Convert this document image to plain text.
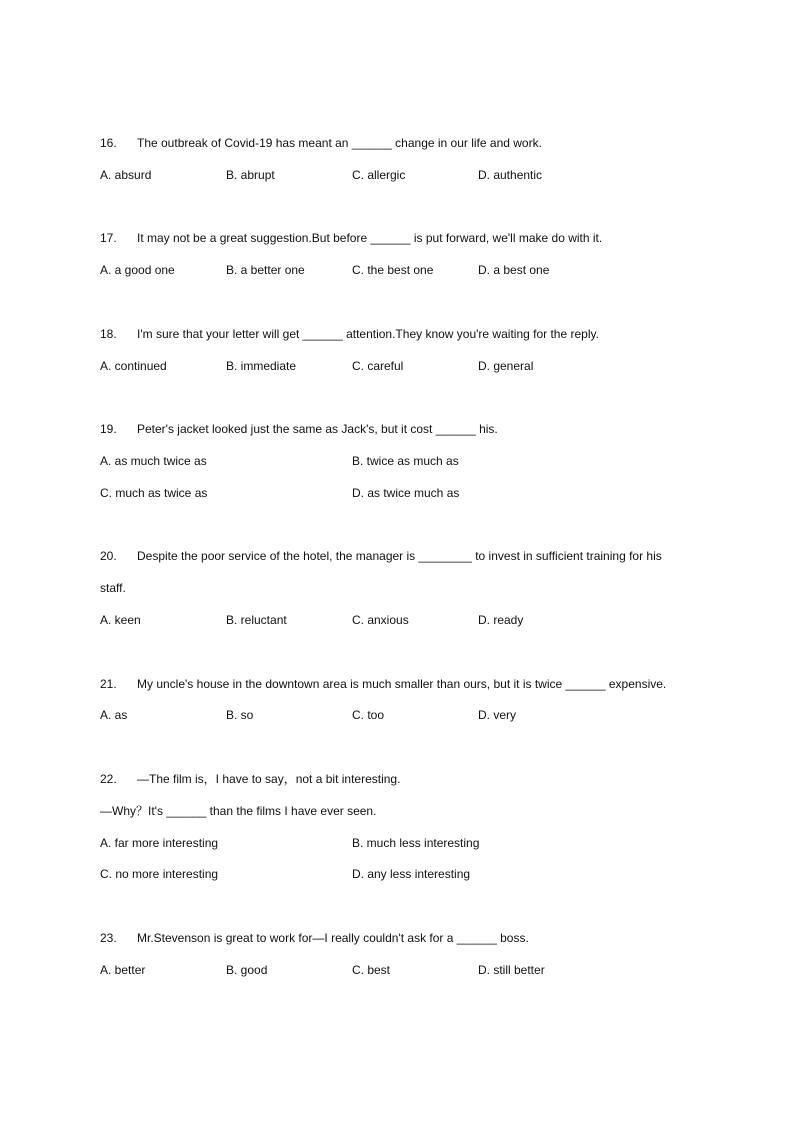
16. The outbreak of Covid-19 has meant an ______ change in our life and work.
A. absurd	B. abrupt	C. allergic	D. authentic
17. It may not be a great suggestion.But before ______ is put forward, we'll make do with it.
A. a good one	B. a better one	C. the best one	D. a best one
18. I'm sure that your letter will get ______ attention.They know you're waiting for the reply.
A. continued	B. immediate	C. careful	D. general
19. Peter's jacket looked just the same as Jack's, but it cost ______ his.
A. as much twice as	B. twice as much as
C. much as twice as	D. as twice much as
20. Despite the poor service of the hotel, the manager is ________ to invest in sufficient training for his
staff.
A. keen	B. reluctant	C. anxious	D. ready
21. My uncle's house in the downtown area is much smaller than ours, but it is twice ______ expensive.
A. as	B. so	C. too	D. very
22. —The film is，I have to say，not a bit interesting.
—Why？It's ______ than the films I have ever seen.
A. far more interesting	B. much less interesting
C. no more interesting	D. any less interesting
23. Mr.Stevenson is great to work for—I really couldn't ask for a ______ boss.
A. better	B. good	C. best	D. still better
